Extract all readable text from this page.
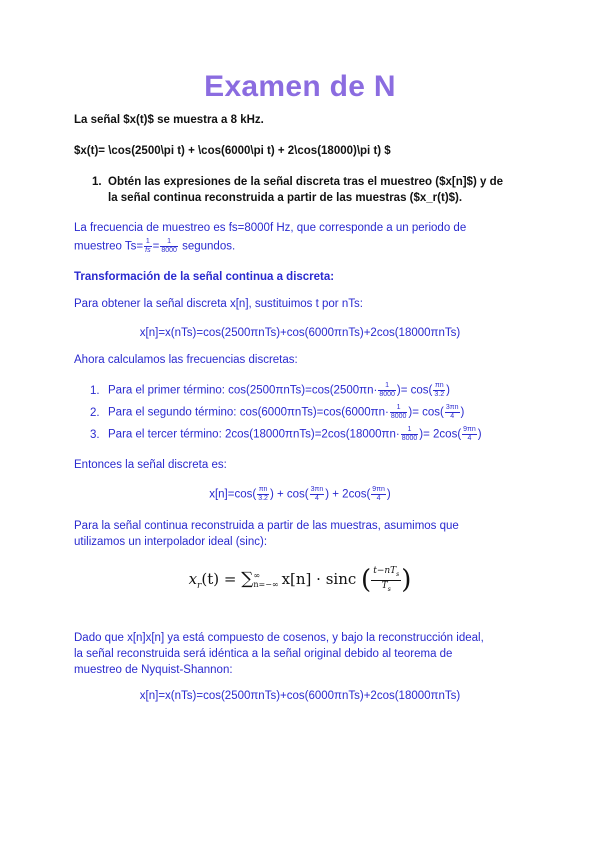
Examen de N
La señal $x(t)$ se muestra a 8 kHz.
$x(t)= \cos(2500\pi t) + \cos(6000\pi t) + 2\cos(18000)\pi t) $
1. Obtén las expresiones de la señal discreta tras el muestreo ($x[n]$) y de
la señal continua reconstruida a partir de las muestras ($x_r(t)$).
La frecuencia de muestreo es fs=8000f Hz, que corresponde a un periodo de
muestreo $Ts= \frac{1}{fs} = \frac{1}{8000}$ segundos.
Transformación de la señal continua a discreta:
Para obtener la señal discreta x[n], sustituimos t por nTs:
x[n]=x(nTs)=cos(2500πnTs)+cos(6000πnTs)+2cos(18000πnTs)
Ahora calculamos las frecuencias discretas:
1. Para el primer término: $\cos(2500\pi nTs)=\cos(2500\pi n\cdot \frac{1}{8000}$ )= $\cos( \frac{\pi n}{3.2}$ )
2. Para el segundo término: $\cos(6000\pi nTs)=\cos(6000\pi n\cdot \frac{1}{8000}$ )= $\cos( \frac{3\pi n}{4}$ )
3. Para el tercer término: $2\cos(18000\pi nTs)=2\cos(18000\pi n\cdot \frac{1}{8000}$ )= $2\cos( \frac{9\pi n}{4}$ )
Entonces la señal discreta es:
$x[n]=\cos( \frac{\pi n}{3.2}$ ) + $\cos( \frac{3\pi n}{4}$ ) + $2\cos( \frac{9\pi n}{4}$ )
Para la señal continua reconstruida a partir de las muestras, asumimos que
utilizamos un interpolador ideal (sinc):
$x_r(t)$ = ∑ ∞
n=−∞ x[n] · sinc ( $\frac{t-nT_s}{T_s}$ )
Dado que x[n]x[n] ya está compuesto de cosenos, y bajo la reconstrucción ideal,
la señal reconstruida será idéntica a la señal original debido al teorema de
muestreo de Nyquist-Shannon:
x[n]=x(nTs)=cos(2500πnTs)+cos(6000πnTs)+2cos(18000πnTs)
